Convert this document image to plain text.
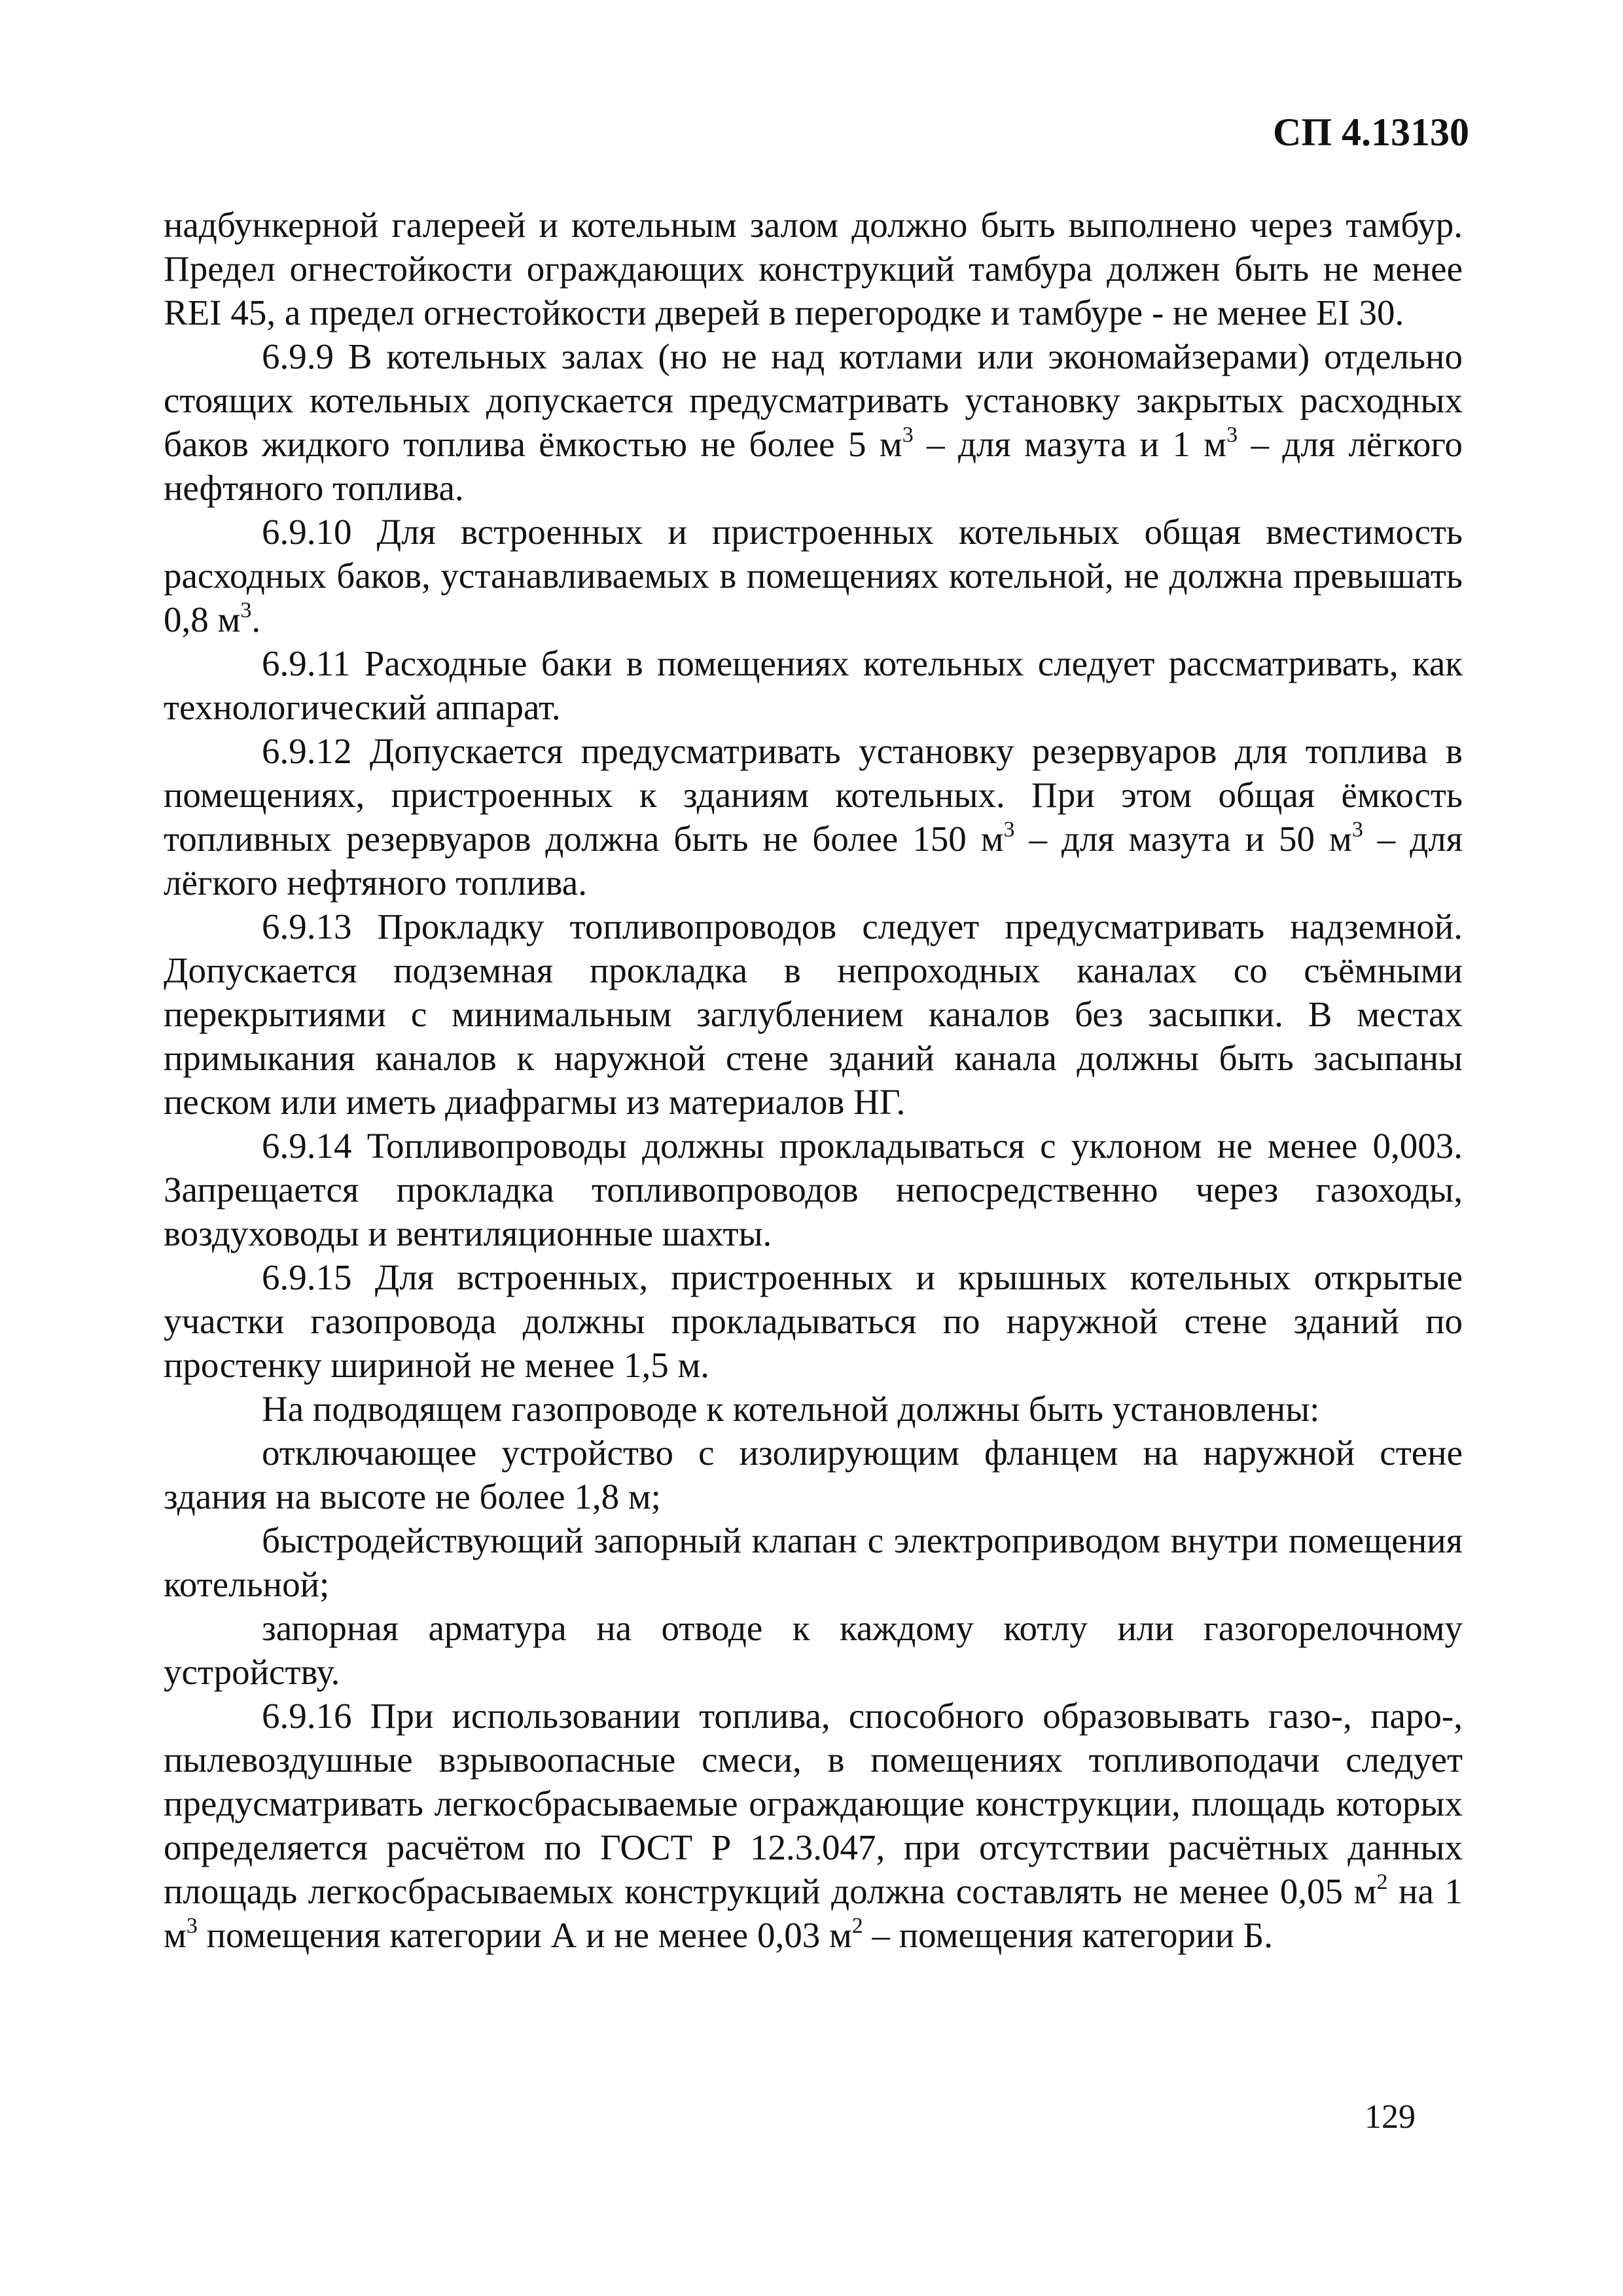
СП 4.13130

надбункерной галереей и котельным залом должно быть выполнено через тамбур. Предел огнестойкости ограждающих конструкций тамбура должен быть не менее REI 45, а предел огнестойкости дверей в перегородке и тамбуре - не менее EI 30.

6.9.9 В котельных залах (но не над котлами или экономайзерами) отдельно стоящих котельных допускается предусматривать установку закрытых расходных баков жидкого топлива ёмкостью не более 5 $м^3$ – для мазута и 1 $м^3$ – для лёгкого нефтяного топлива.

6.9.10 Для встроенных и пристроенных котельных общая вместимость расходных баков, устанавливаемых в помещениях котельной, не должна превышать 0,8 $м^3$.

6.9.11 Расходные баки в помещениях котельных следует рассматривать, как технологический аппарат.

6.9.12 Допускается предусматривать установку резервуаров для топлива в помещениях, пристроенных к зданиям котельных. При этом общая ёмкость топливных резервуаров должна быть не более 150 $м^3$ – для мазута и 50 $м^3$ – для лёгкого нефтяного топлива.

6.9.13 Прокладку топливопроводов следует предусматривать надземной. Допускается подземная прокладка в непроходных каналах со съёмными перекрытиями с минимальным заглублением каналов без засыпки. В местах примыкания каналов к наружной стене зданий канала должны быть засыпаны песком или иметь диафрагмы из материалов НГ.

6.9.14 Топливопроводы должны прокладываться с уклоном не менее 0,003. Запрещается прокладка топливопроводов непосредственно через газоходы, воздуховоды и вентиляционные шахты.

6.9.15 Для встроенных, пристроенных и крышных котельных открытые участки газопровода должны прокладываться по наружной стене зданий по простенку шириной не менее 1,5 м.

На подводящем газопроводе к котельной должны быть установлены:

отключающее устройство с изолирующим фланцем на наружной стене здания на высоте не более 1,8 м;

быстродействующий запорный клапан с электроприводом внутри помещения котельной;

запорная арматура на отводе к каждому котлу или газогорелочному устройству.

6.9.16 При использовании топлива, способного образовывать газо-, паро-, пылевоздушные взрывоопасные смеси, в помещениях топливоподачи следует предусматривать легкосбрасываемые ограждающие конструкции, площадь которых определяется расчётом по ГОСТ Р 12.3.047, при отсутствии расчётных данных площадь легкосбрасываемых конструкций должна составлять не менее 0,05 $м^2$ на 1 $м^3$ помещения категории А и не менее 0,03 $м^2$ – помещения категории Б.

129
